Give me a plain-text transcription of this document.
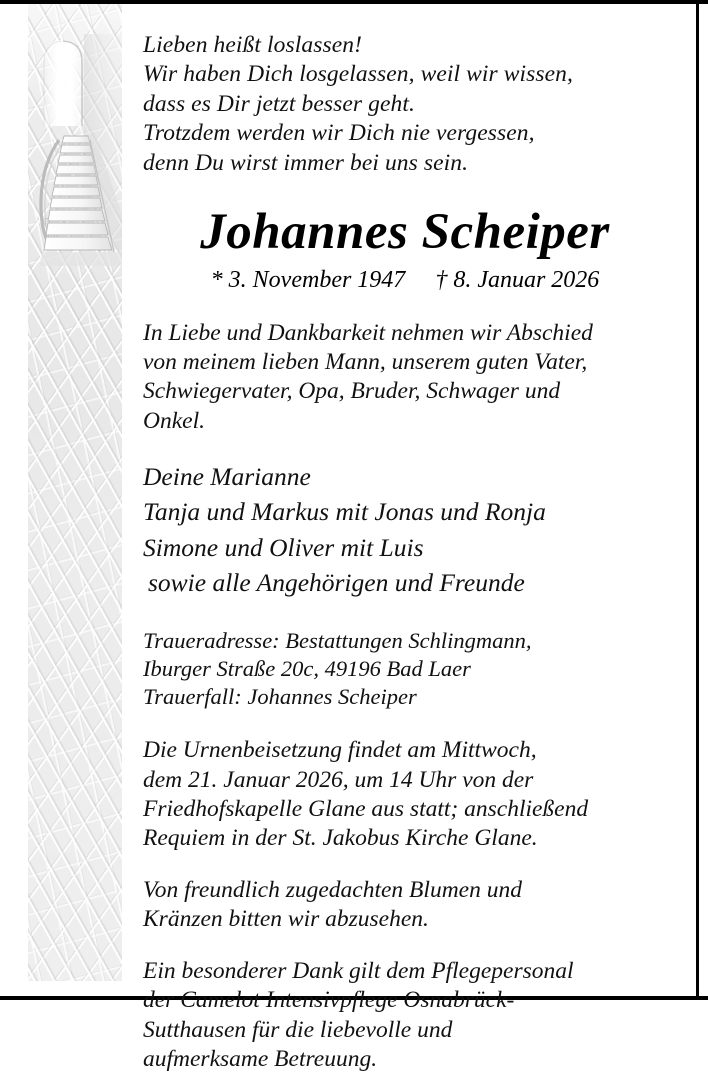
Lieben heißt loslassen!
Wir haben Dich losgelassen, weil wir wissen,
dass es Dir jetzt besser geht.
Trotzdem werden wir Dich nie vergessen,
denn Du wirst immer bei uns sein.

Johannes Scheiper

* 3. November 1947 † 8. Januar 2026

In Liebe und Dankbarkeit nehmen wir Abschied
von meinem lieben Mann, unserem guten Vater,
Schwiegervater, Opa, Bruder, Schwager und
Onkel.

Deine Marianne
Tanja und Markus mit Jonas und Ronja
Simone und Oliver mit Luis
sowie alle Angehörigen und Freunde

Traueradresse: Bestattungen Schlingmann,
Iburger Straße 20c, 49196 Bad Laer
Trauerfall: Johannes Scheiper

Die Urnenbeisetzung findet am Mittwoch,
dem 21. Januar 2026, um 14 Uhr von der
Friedhofskapelle Glane aus statt; anschließend
Requiem in der St. Jakobus Kirche Glane.

Von freundlich zugedachten Blumen und
Kränzen bitten wir abzusehen.

Ein besonderer Dank gilt dem Pflegepersonal
der Camelot Intensivpflege Osnabrück-
Sutthausen für die liebevolle und
aufmerksame Betreuung.
